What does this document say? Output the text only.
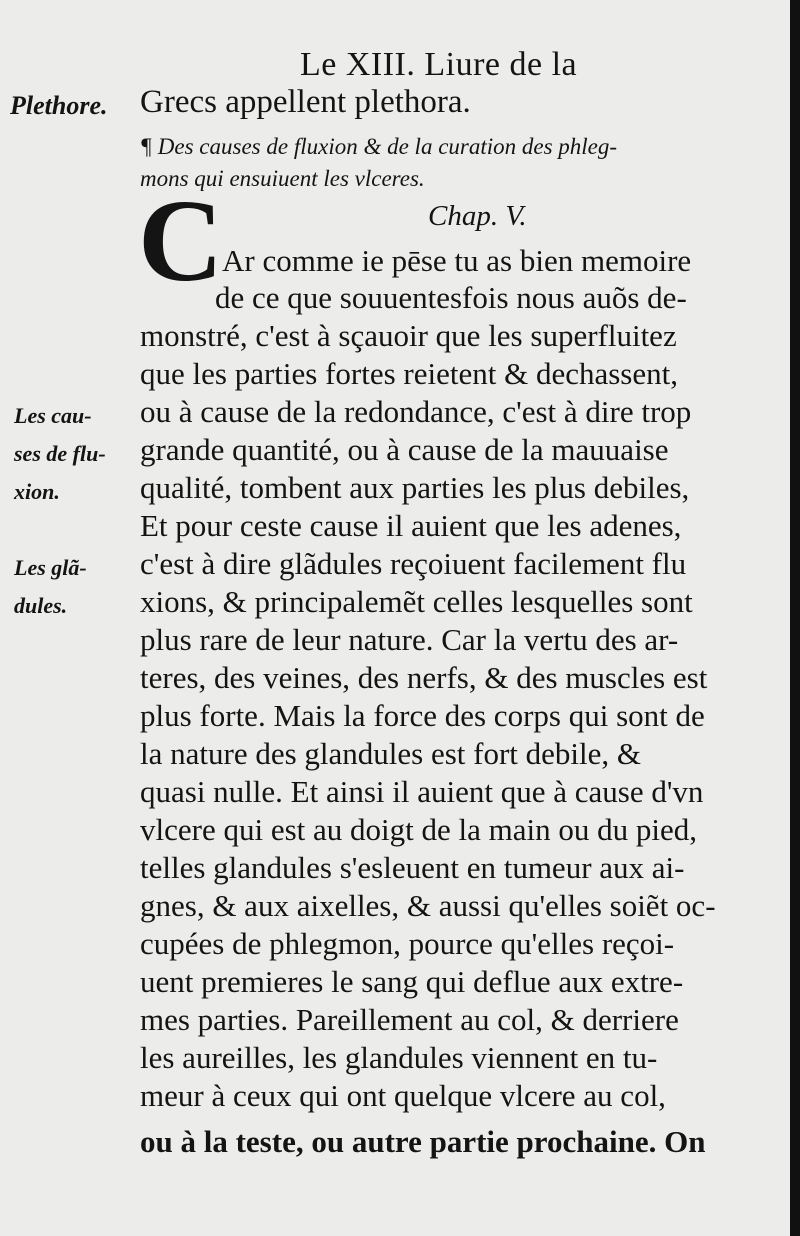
Le XIII. Liure de la
Plethore. Grecs appellent plethora.
¶ Des causes de fluxion & de la curation des phleg-
mons qui ensuiuent les vlceres.
Chap. V.
C
Ar comme ie pēse tu as bien memoire
de ce que souuentesfois nous auõs de-
monstré, c'est à sçauoir que les superfluitez
que les parties fortes reietent & dechassent,
ou à cause de la redondance, c'est à dire trop
grande quantité, ou à cause de la mauuaise
qualité, tombent aux parties les plus debiles,
Et pour ceste cause il auient que les adenes,
c'est à dire glãdules reçoiuent facilement flu
xions, & principalemẽt celles lesquelles sont
plus rare de leur nature. Car la vertu des ar-
teres, des veines, des nerfs, & des muscles est
plus forte. Mais la force des corps qui sont de
la nature des glandules est fort debile, &
quasi nulle. Et ainsi il auient que à cause d'vn
vlcere qui est au doigt de la main ou du pied,
telles glandules s'esleuent en tumeur aux ai-
gnes, & aux aixelles, & aussi qu'elles soiẽt oc-
cupées de phlegmon, pource qu'elles reçoi-
uent premieres le sang qui deflue aux extre-
mes parties. Pareillement au col, & derriere
les aureilles, les glandules viennent en tu-
meur à ceux qui ont quelque vlcere au col,
ou à la teste, ou autre partie prochaine. On
Les cau-
ses de flu-
xion.
Les glã-
dules.
